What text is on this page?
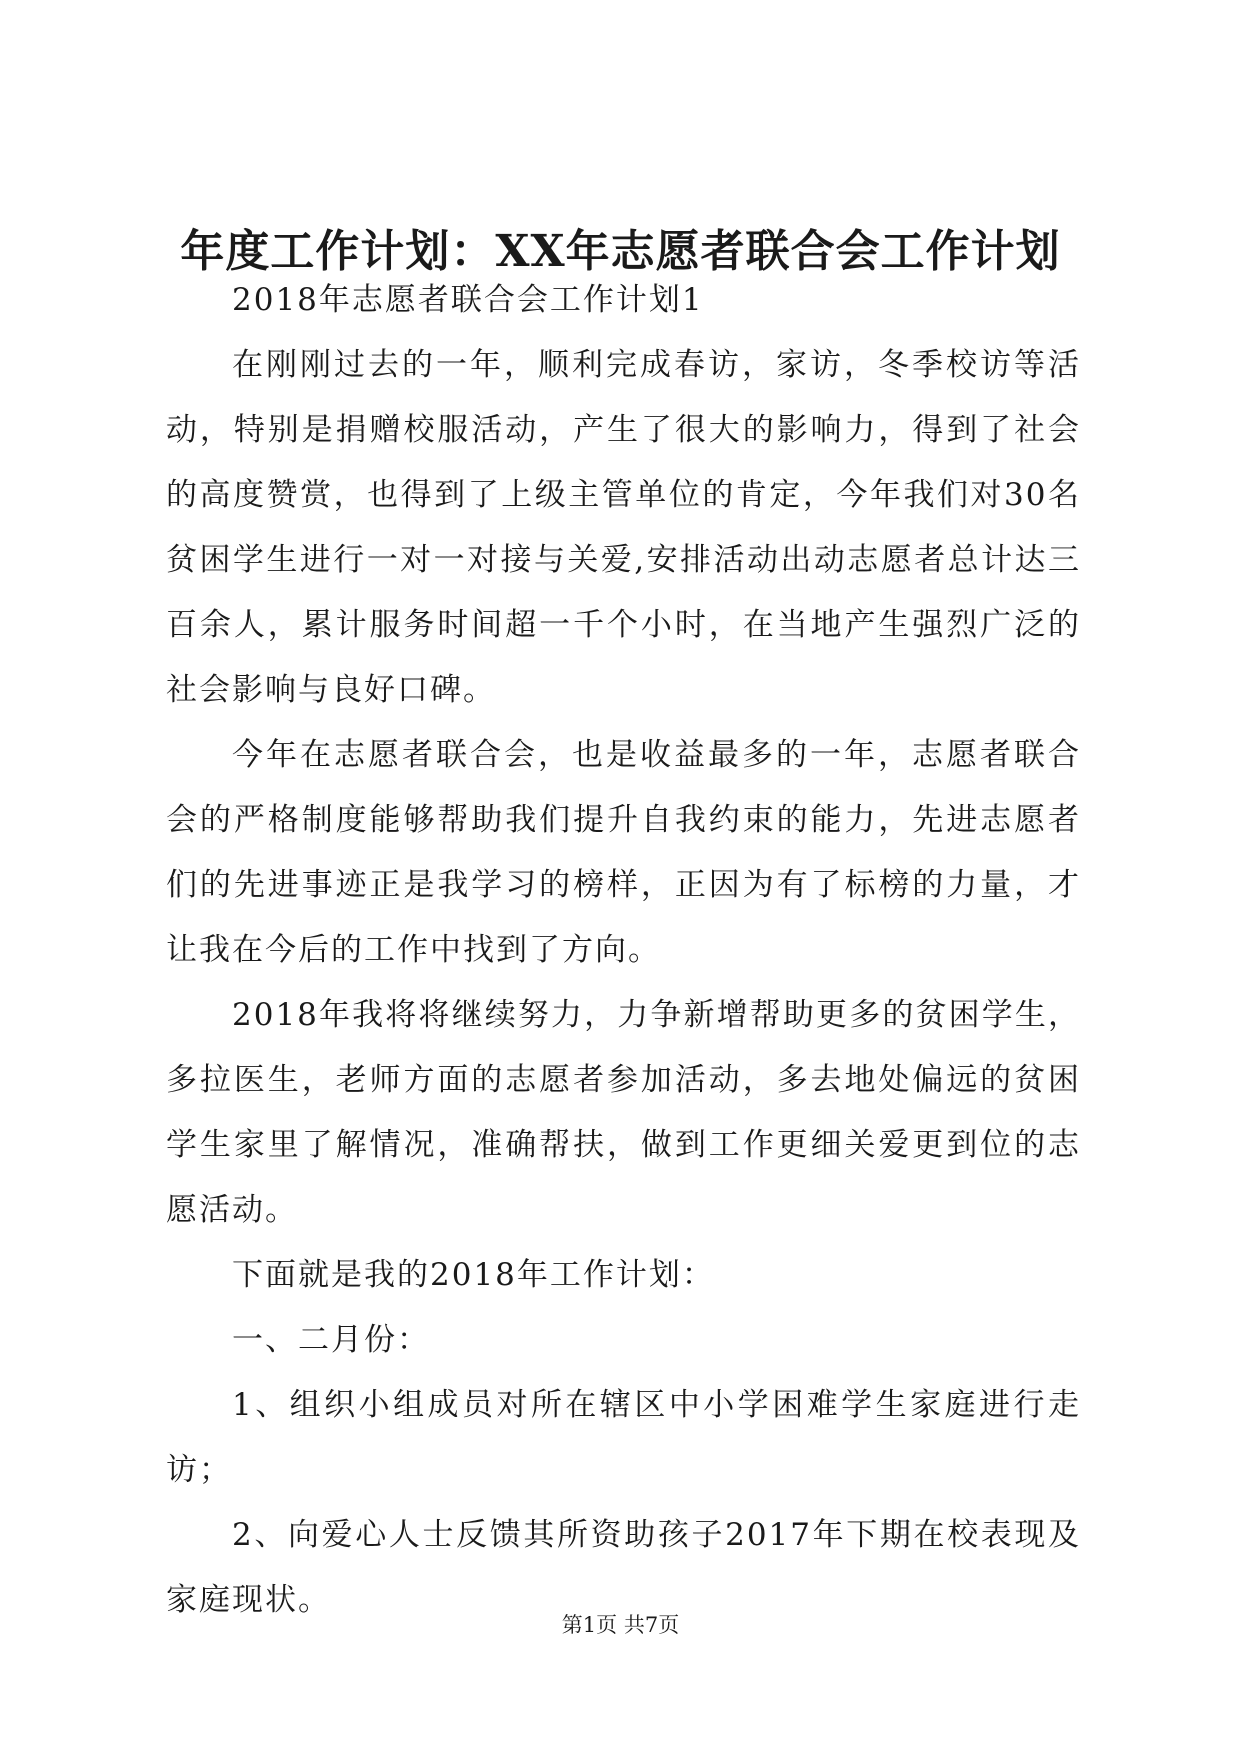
年度工作计划：XX年志愿者联合会工作计划

2018年志愿者联合会工作计划1

在刚刚过去的一年，顺利完成春访，家访，冬季校访等活动，特别是捐赠校服活动，产生了很大的影响力，得到了社会的高度赞赏，也得到了上级主管单位的肯定，今年我们对30名贫困学生进行一对一对接与关爱,安排活动出动志愿者总计达三百余人，累计服务时间超一千个小时，在当地产生强烈广泛的社会影响与良好口碑。

今年在志愿者联合会，也是收益最多的一年，志愿者联合会的严格制度能够帮助我们提升自我约束的能力，先进志愿者们的先进事迹正是我学习的榜样，正因为有了标榜的力量，才让我在今后的工作中找到了方向。

2018年我将将继续努力，力争新增帮助更多的贫困学生，多拉医生，老师方面的志愿者参加活动，多去地处偏远的贫困学生家里了解情况，准确帮扶，做到工作更细关爱更到位的志愿活动。

下面就是我的2018年工作计划：

一、二月份：

1、组织小组成员对所在辖区中小学困难学生家庭进行走访；

2、向爱心人士反馈其所资助孩子2017年下期在校表现及家庭现状。

第1页 共7页
